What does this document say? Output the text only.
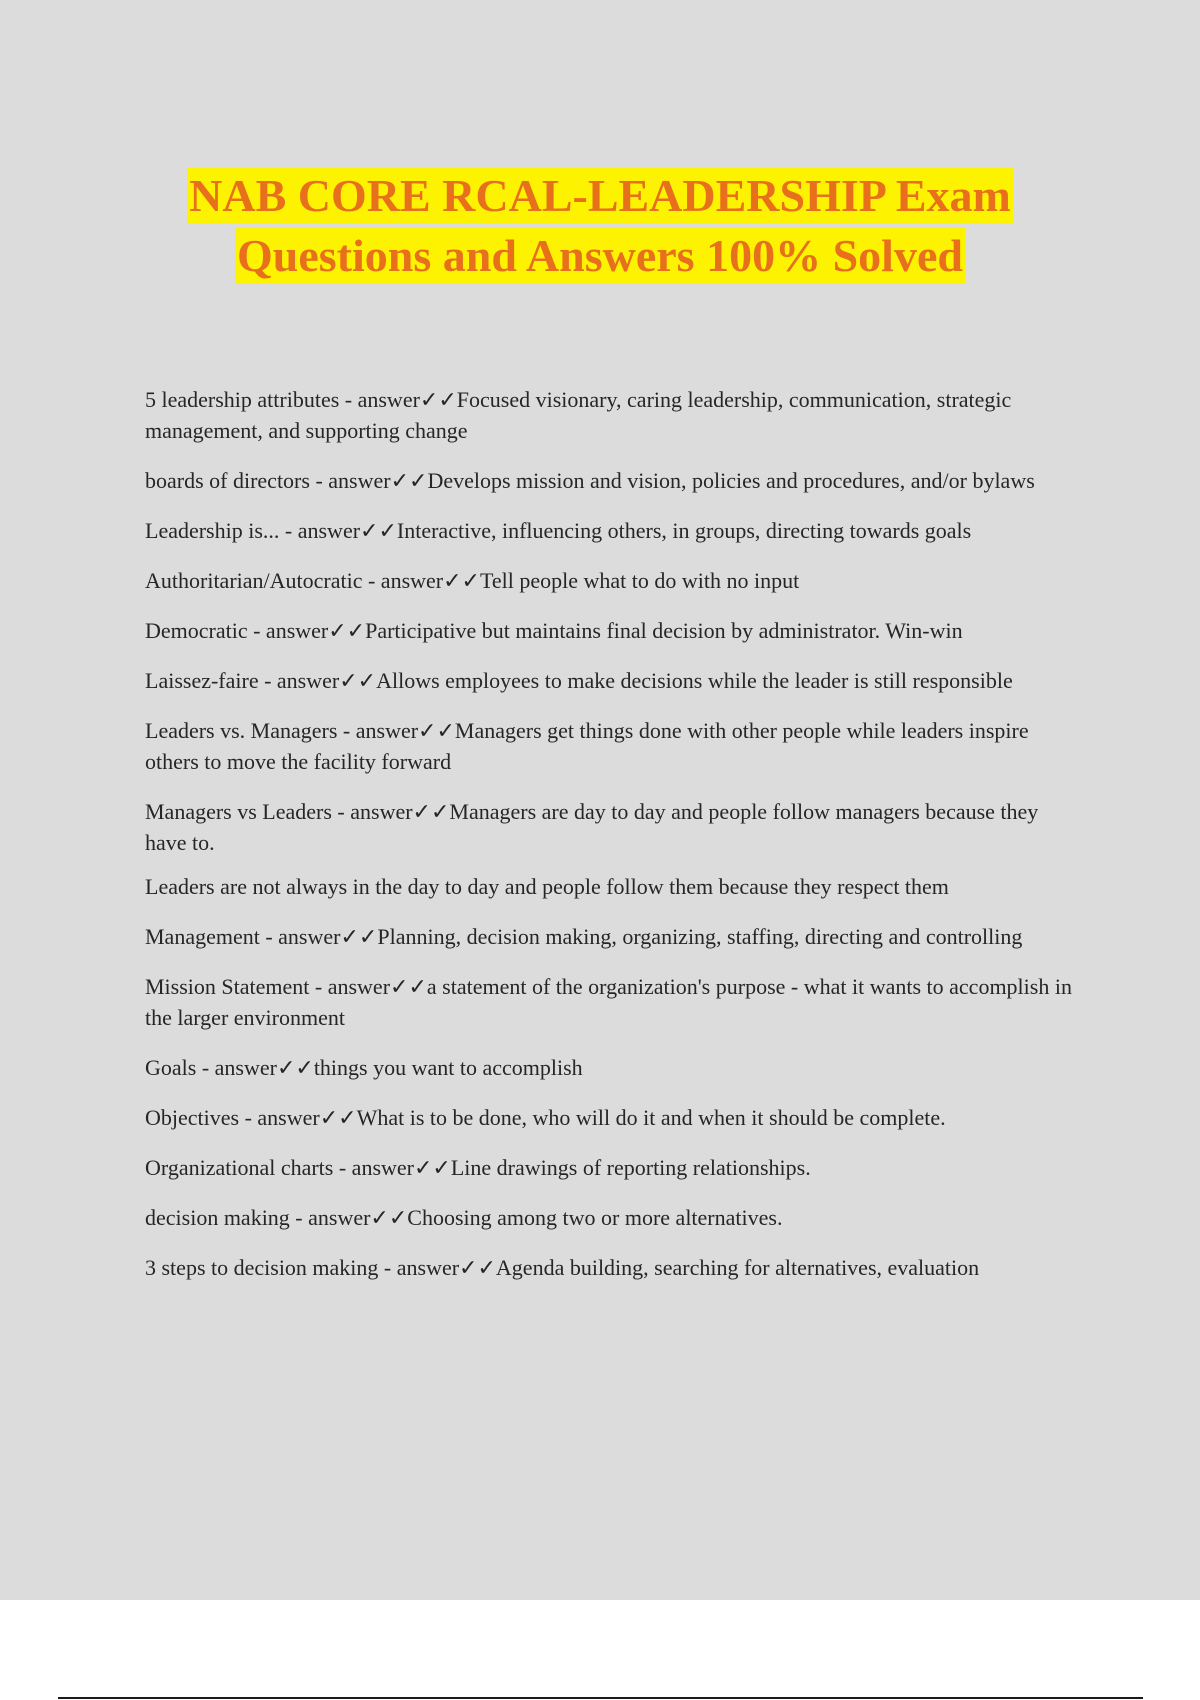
NAB CORE RCAL-LEADERSHIP Exam
Questions and Answers 100% Solved
5 leadership attributes - answer✓✓Focused visionary, caring leadership, communication, strategic management, and supporting change
boards of directors - answer✓✓Develops mission and vision, policies and procedures, and/or bylaws
Leadership is... - answer✓✓Interactive, influencing others, in groups, directing towards goals
Authoritarian/Autocratic - answer✓✓Tell people what to do with no input
Democratic - answer✓✓Participative but maintains final decision by administrator. Win-win
Laissez-faire - answer✓✓Allows employees to make decisions while the leader is still responsible
Leaders vs. Managers - answer✓✓Managers get things done with other people while leaders inspire others to move the facility forward
Managers vs Leaders - answer✓✓Managers are day to day and people follow managers because they have to.
Leaders are not always in the day to day and people follow them because they respect them
Management - answer✓✓Planning, decision making, organizing, staffing, directing and controlling
Mission Statement - answer✓✓a statement of the organization's purpose - what it wants to accomplish in the larger environment
Goals - answer✓✓things you want to accomplish
Objectives - answer✓✓What is to be done, who will do it and when it should be complete.
Organizational charts - answer✓✓Line drawings of reporting relationships.
decision making - answer✓✓Choosing among two or more alternatives.
3 steps to decision making - answer✓✓Agenda building, searching for alternatives, evaluation
